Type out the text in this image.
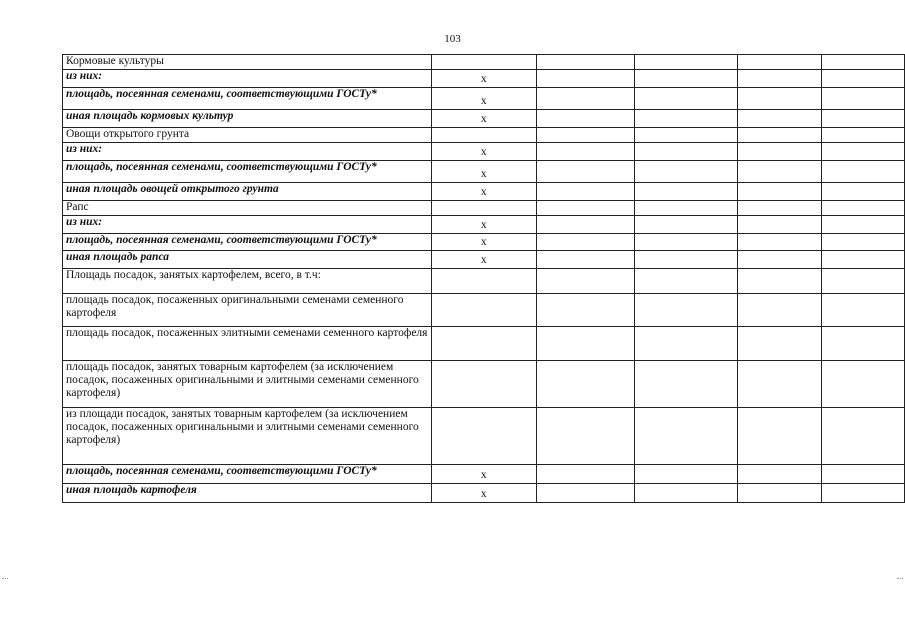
103
Кормовые культуры					
из них:	x				
площадь, посеянная семенами, соответствующими ГОСТу*	x				
иная площадь кормовых культур	x				
Овощи открытого грунта					
из них:	x				
площадь, посеянная семенами, соответствующими ГОСТу*	x				
иная площадь овощей открытого грунта	x				
Рапс					
из них:	x				
площадь, посеянная семенами, соответствующими ГОСТу*	x				
иная площадь рапса	x				
Площадь посадок, занятых картофелем, всего, в т.ч:					
площадь посадок, посаженных оригинальными семенами семенного картофеля					
площадь посадок, посаженных элитными семенами семенного картофеля					
площадь посадок, занятых товарным картофелем (за исключением посадок, посаженных оригинальными и элитными семенами семенного картофеля)					
из площади посадок, занятых товарным картофелем (за исключением посадок, посаженных оригинальными и элитными семенами семенного картофеля)					
площадь, посеянная семенами, соответствующими ГОСТу*	x				
иная площадь картофеля	x				
